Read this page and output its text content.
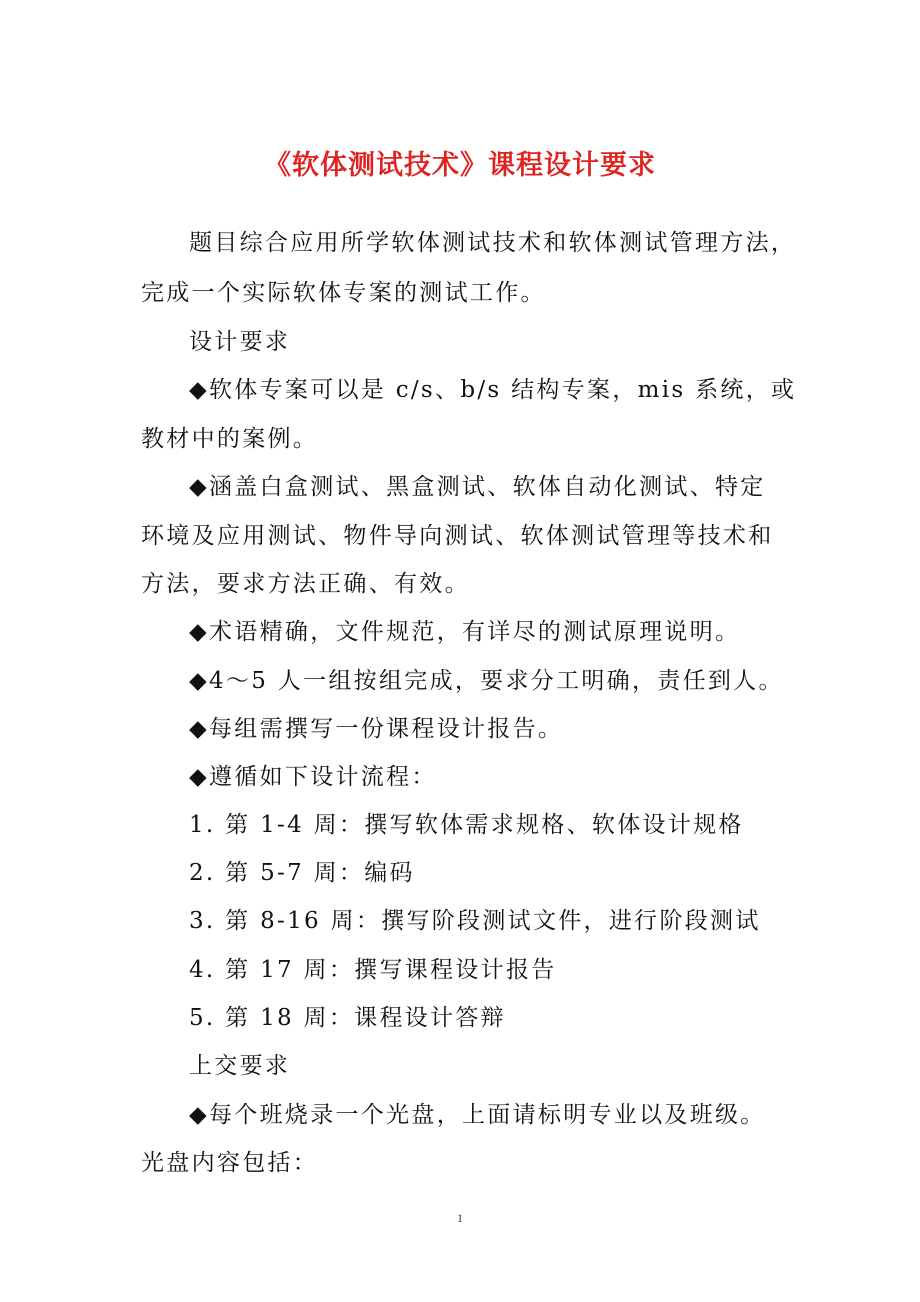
《软体测试技术》课程设计要求
题目综合应用所学软体测试技术和软体测试管理方法，
完成一个实际软体专案的测试工作。
设计要求
◆软体专案可以是 c/s、b/s 结构专案，mis 系统，或
教材中的案例。
◆涵盖白盒测试、黑盒测试、软体自动化测试、特定
环境及应用测试、物件导向测试、软体测试管理等技术和
方法，要求方法正确、有效。
◆术语精确，文件规范，有详尽的测试原理说明。
◆4～5 人一组按组完成，要求分工明确，责任到人。
◆每组需撰写一份课程设计报告。
◆遵循如下设计流程：
1. 第 1-4 周：撰写软体需求规格、软体设计规格
2. 第 5-7 周：编码
3. 第 8-16 周：撰写阶段测试文件，进行阶段测试
4. 第 17 周：撰写课程设计报告
5. 第 18 周：课程设计答辩
上交要求
◆每个班烧录一个光盘，上面请标明专业以及班级。
光盘内容包括：
1
